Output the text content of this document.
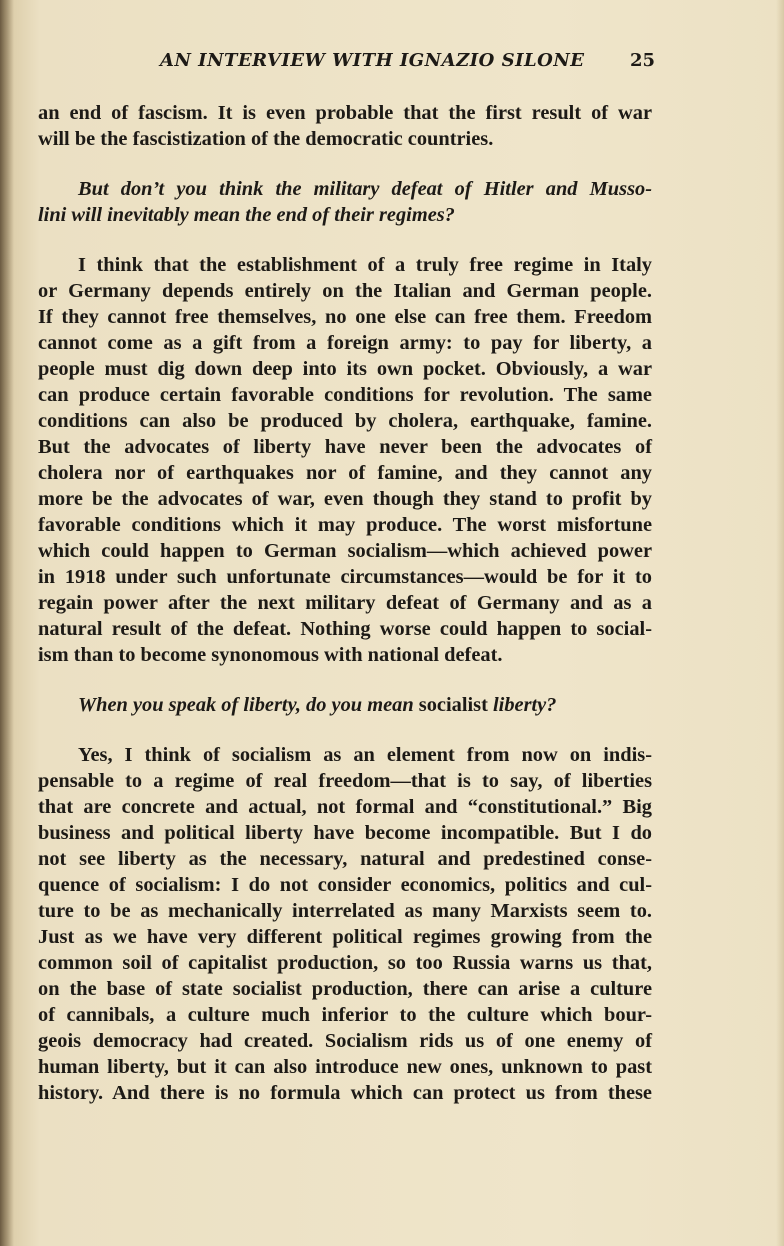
AN INTERVIEW WITH IGNAZIO SILONE	25
an end of fascism. It is even probable that the first result of war
will be the fascistization of the democratic countries.
But don’t you think the military defeat of Hitler and Musso-
lini will inevitably mean the end of their regimes?
I think that the establishment of a truly free regime in Italy
or Germany depends entirely on the Italian and German people.
If they cannot free themselves, no one else can free them. Freedom
cannot come as a gift from a foreign army: to pay for liberty, a
people must dig down deep into its own pocket. Obviously, a war
can produce certain favorable conditions for revolution. The same
conditions can also be produced by cholera, earthquake, famine.
But the advocates of liberty have never been the advocates of
cholera nor of earthquakes nor of famine, and they cannot any
more be the advocates of war, even though they stand to profit by
favorable conditions which it may produce. The worst misfortune
which could happen to German socialism—which achieved power
in 1918 under such unfortunate circumstances—would be for it to
regain power after the next military defeat of Germany and as a
natural result of the defeat. Nothing worse could happen to social-
ism than to become synonomous with national defeat.
When you speak of liberty, do you mean socialist liberty?
Yes, I think of socialism as an element from now on indis-
pensable to a regime of real freedom—that is to say, of liberties
that are concrete and actual, not formal and “constitutional.” Big
business and political liberty have become incompatible. But I do
not see liberty as the necessary, natural and predestined conse-
quence of socialism: I do not consider economics, politics and cul-
ture to be as mechanically interrelated as many Marxists seem to.
Just as we have very different political regimes growing from the
common soil of capitalist production, so too Russia warns us that,
on the base of state socialist production, there can arise a culture
of cannibals, a culture much inferior to the culture which bour-
geois democracy had created. Socialism rids us of one enemy of
human liberty, but it can also introduce new ones, unknown to past
history. And there is no formula which can protect us from these
